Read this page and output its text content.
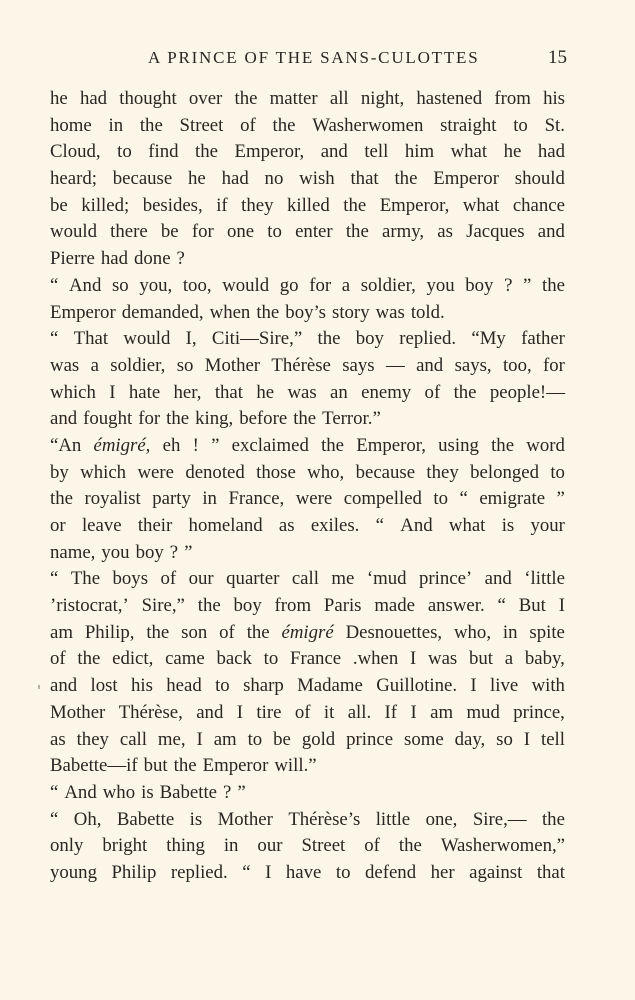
A PRINCE OF THE SANS-CULOTTES	15
he had thought over the matter all night, hastened from his
home in the Street of the Washerwomen straight to St.
Cloud, to find the Emperor, and tell him what he had
heard; because he had no wish that the Emperor should
be killed; besides, if they killed the Emperor, what chance
would there be for one to enter the army, as Jacques and
Pierre had done ?
“ And so you, too, would go for a soldier, you boy ? ” the
Emperor demanded, when the boy’s story was told.
“ That would I, Citi—Sire,” the boy replied. “My father
was a soldier, so Mother Thérèse says — and says, too, for
which I hate her, that he was an enemy of the people!—
and fought for the king, before the Terror.”
“An émigré, eh ! ” exclaimed the Emperor, using the word
by which were denoted those who, because they belonged to
the royalist party in France, were compelled to “ emigrate ”
or leave their homeland as exiles. “ And what is your
name, you boy ? ”
“ The boys of our quarter call me ‘mud prince’ and ‘little
’ristocrat,’ Sire,” the boy from Paris made answer. “ But I
am Philip, the son of the émigré Desnouettes, who, in spite
of the edict, came back to France .when I was but a baby,
and lost his head to sharp Madame Guillotine. I live with
Mother Thérèse, and I tire of it all. If I am mud prince,
as they call me, I am to be gold prince some day, so I tell
Babette—if but the Emperor will.”
“ And who is Babette ? ”
“ Oh, Babette is Mother Thérèse’s little one, Sire,— the
only bright thing in our Street of the Washerwomen,”
young Philip replied. “ I have to defend her against that
